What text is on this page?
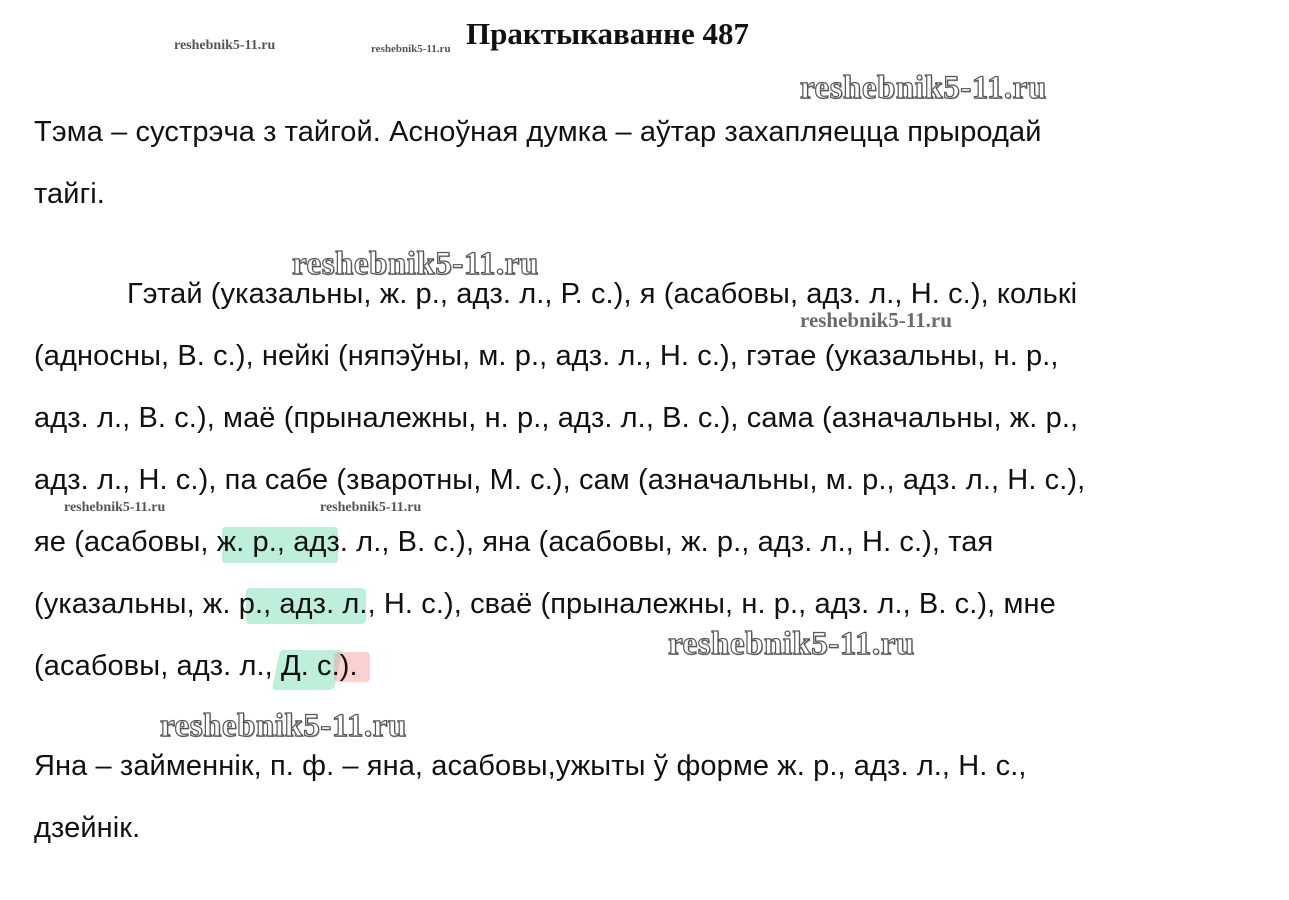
Практыкаванне 487
Тэма – сустрэча з тайгой. Асноўная думка – аўтар захапляецца прыродай
тайгі.
Гэтай (указальны, ж. р., адз. л., Р. с.), я (асабовы, адз. л., Н. с.), колькі
(адносны, В. с.), нейкі (няпэўны, м. р., адз. л., Н. с.), гэтае (указальны, н. р.,
адз. л., В. с.), маё (прыналежны, н. р., адз. л., В. с.), сама (азначальны, ж. р.,
адз. л., Н. с.), па сабе (зваротны, М. с.), сам (азначальны, м. р., адз. л., Н. с.),
яе (асабовы, ж. р., адз. л., В. с.), яна (асабовы, ж. р., адз. л., Н. с.), тая
(указальны, ж. р., адз. л., Н. с.), сваё (прыналежны, н. р., адз. л., В. с.), мне
(асабовы, адз. л., Д. с.).
Яна – займеннік, п. ф. – яна, асабовы,ужыты ў форме ж. р., адз. л., Н. с.,
дзейнік.
reshebnik5-11.ru	reshebnik5-11.ru
reshebnik5-11.ru
reshebnik5-11.ru
reshebnik5-11.ru
reshebnik5-11.ru	reshebnik5-11.ru
reshebnik5-11.ru
reshebnik5-11.ru
